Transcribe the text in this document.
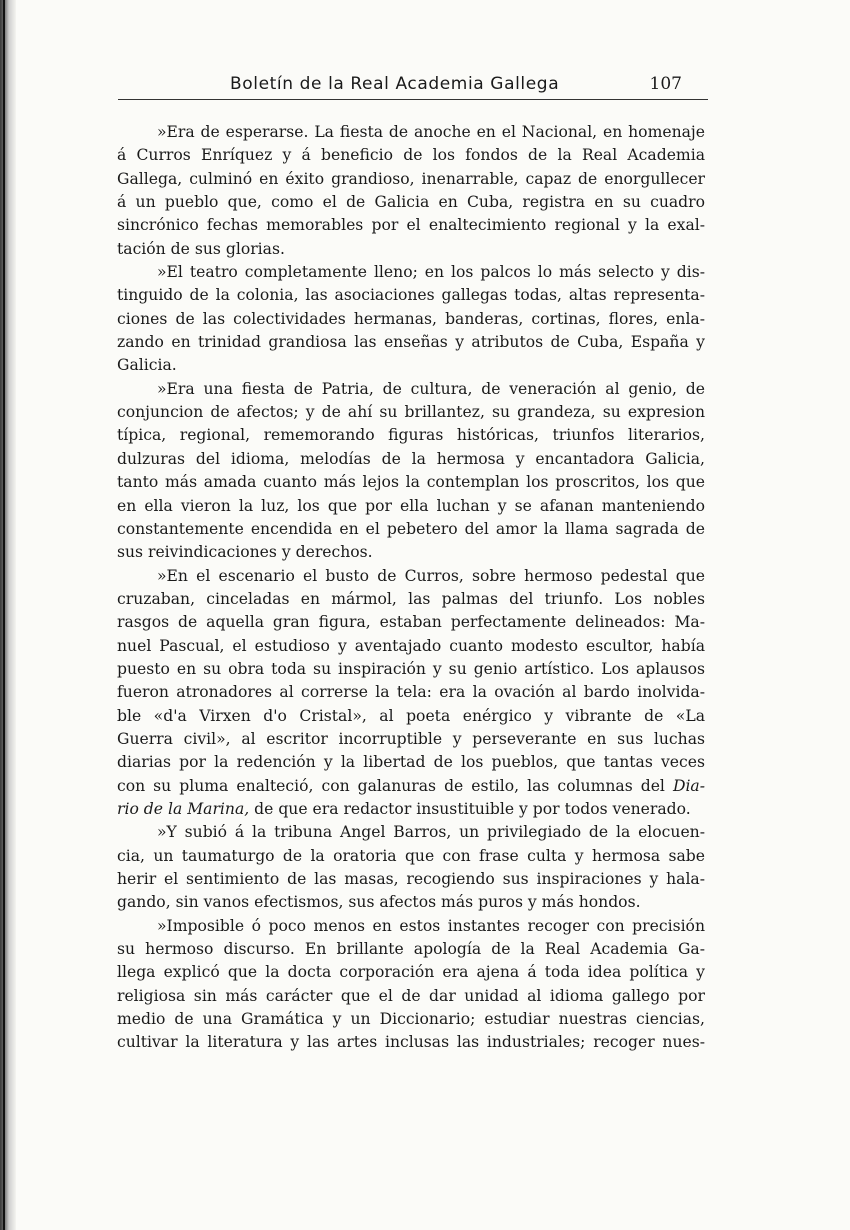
Boletín de la Real Academia Gallega	107
»Era de esperarse. La fiesta de anoche en el Nacional, en homenaje
á Curros Enríquez y á beneficio de los fondos de la Real Academia
Gallega, culminó en éxito grandioso, inenarrable, capaz de enorgullecer
á un pueblo que, como el de Galicia en Cuba, registra en su cuadro
sincrónico fechas memorables por el enaltecimiento regional y la exal-
tación de sus glorias.
»El teatro completamente lleno; en los palcos lo más selecto y dis-
tinguido de la colonia, las asociaciones gallegas todas, altas representa-
ciones de las colectividades hermanas, banderas, cortinas, flores, enla-
zando en trinidad grandiosa las enseñas y atributos de Cuba, España y
Galicia.
»Era una fiesta de Patria, de cultura, de veneración al genio, de
conjuncion de afectos; y de ahí su brillantez, su grandeza, su expresion
típica, regional, rememorando figuras históricas, triunfos literarios,
dulzuras del idioma, melodías de la hermosa y encantadora Galicia,
tanto más amada cuanto más lejos la contemplan los proscritos, los que
en ella vieron la luz, los que por ella luchan y se afanan manteniendo
constantemente encendida en el pebetero del amor la llama sagrada de
sus reivindicaciones y derechos.
»En el escenario el busto de Curros, sobre hermoso pedestal que
cruzaban, cinceladas en mármol, las palmas del triunfo. Los nobles
rasgos de aquella gran figura, estaban perfectamente delineados: Ma-
nuel Pascual, el estudioso y aventajado cuanto modesto escultor, había
puesto en su obra toda su inspiración y su genio artístico. Los aplausos
fueron atronadores al correrse la tela: era la ovación al bardo inolvida-
ble «d'a Virxen d'o Cristal», al poeta enérgico y vibrante de «La
Guerra civil», al escritor incorruptible y perseverante en sus luchas
diarias por la redención y la libertad de los pueblos, que tantas veces
con su pluma enalteció, con galanuras de estilo, las columnas del Dia-
rio de la Marina, de que era redactor insustituible y por todos venerado.
»Y subió á la tribuna Angel Barros, un privilegiado de la elocuen-
cia, un taumaturgo de la oratoria que con frase culta y hermosa sabe
herir el sentimiento de las masas, recogiendo sus inspiraciones y hala-
gando, sin vanos efectismos, sus afectos más puros y más hondos.
»Imposible ó poco menos en estos instantes recoger con precisión
su hermoso discurso. En brillante apología de la Real Academia Ga-
llega explicó que la docta corporación era ajena á toda idea política y
religiosa sin más carácter que el de dar unidad al idioma gallego por
medio de una Gramática y un Diccionario; estudiar nuestras ciencias,
cultivar la literatura y las artes inclusas las industriales; recoger nues-
